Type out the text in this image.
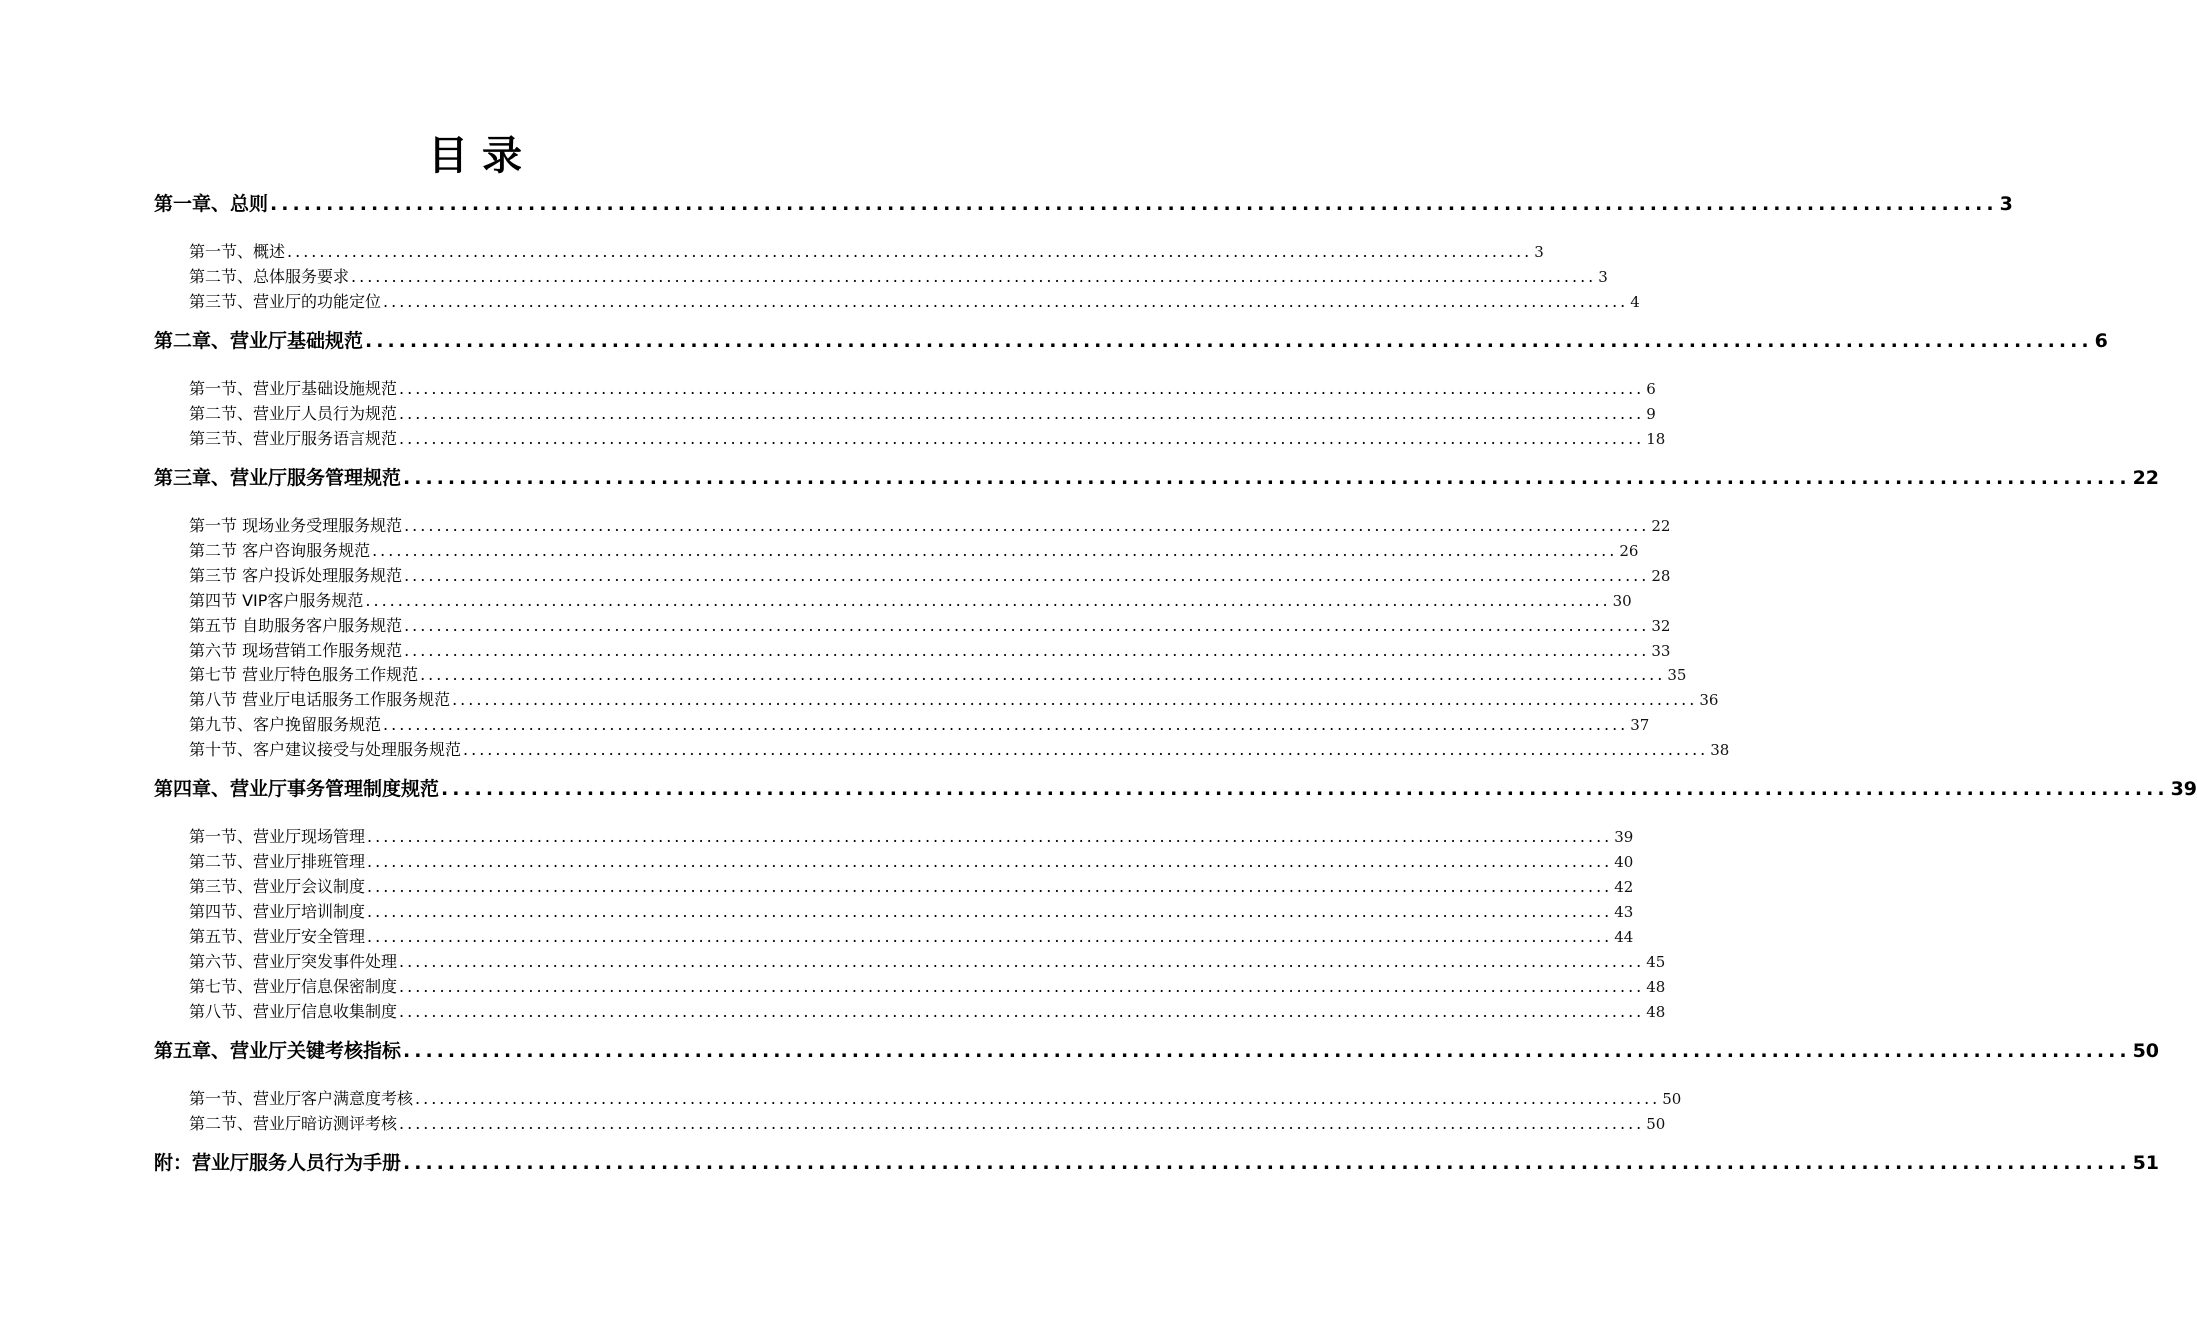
目 录
第一章、总则 .......................................................................................................................................................... 3
第一节、概述 .......................................................................................................................................................... 3
第二节、总体服务要求 .......................................................................................................................................................... 3
第三节、营业厅的功能定位 .......................................................................................................................................................... 4
第二章、营业厅基础规范 .......................................................................................................................................................... 6
第一节、营业厅基础设施规范 .......................................................................................................................................................... 6
第二节、营业厅人员行为规范 .......................................................................................................................................................... 9
第三节、营业厅服务语言规范 .......................................................................................................................................................... 18
第三章、营业厅服务管理规范 .......................................................................................................................................................... 22
第一节 现场业务受理服务规范 .......................................................................................................................................................... 22
第二节 客户咨询服务规范 .......................................................................................................................................................... 26
第三节 客户投诉处理服务规范 .......................................................................................................................................................... 28
第四节 VIP客户服务规范 .......................................................................................................................................................... 30
第五节 自助服务客户服务规范 .......................................................................................................................................................... 32
第六节 现场营销工作服务规范 .......................................................................................................................................................... 33
第七节 营业厅特色服务工作规范 .......................................................................................................................................................... 35
第八节 营业厅电话服务工作服务规范 .......................................................................................................................................................... 36
第九节、客户挽留服务规范 .......................................................................................................................................................... 37
第十节、客户建议接受与处理服务规范 .......................................................................................................................................................... 38
第四章、营业厅事务管理制度规范 .......................................................................................................................................................... 39
第一节、营业厅现场管理 .......................................................................................................................................................... 39
第二节、营业厅排班管理 .......................................................................................................................................................... 40
第三节、营业厅会议制度 .......................................................................................................................................................... 42
第四节、营业厅培训制度 .......................................................................................................................................................... 43
第五节、营业厅安全管理 .......................................................................................................................................................... 44
第六节、营业厅突发事件处理 .......................................................................................................................................................... 45
第七节、营业厅信息保密制度 .......................................................................................................................................................... 48
第八节、营业厅信息收集制度 .......................................................................................................................................................... 48
第五章、营业厅关键考核指标 .......................................................................................................................................................... 50
第一节、营业厅客户满意度考核 .......................................................................................................................................................... 50
第二节、营业厅暗访测评考核 .......................................................................................................................................................... 50
附：营业厅服务人员行为手册 .......................................................................................................................................................... 51
